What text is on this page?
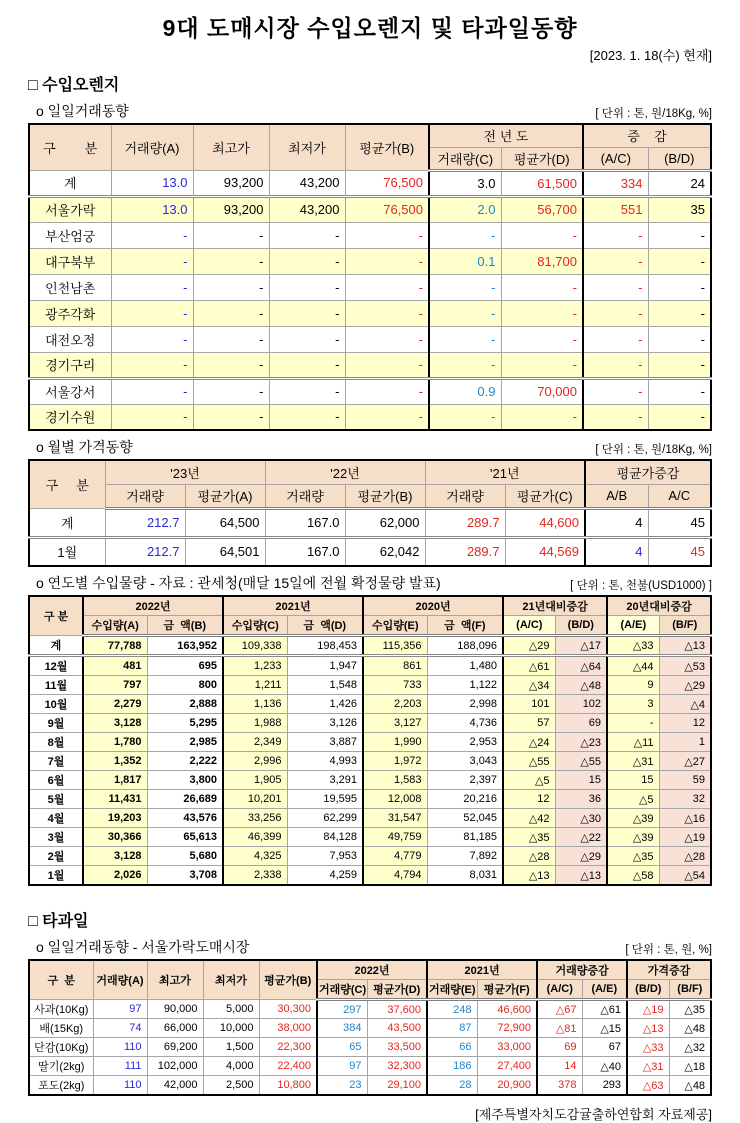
9대 도매시장 수입오렌지 및 타과일동향
[2023. 1. 18(수) 현재]
□ 수입오렌지
o 일일거래동향	[ 단위 : 톤, 원/18Kg, %]
구        분	거래량(A)	최고가	최저가	평균가(B)	전 년 도		증    감	
					거래량(C)	평균가(D)	(A/C)	(B/D)
계	13.0	93,200	43,200	76,500	3.0	61,500	334	24
서울가락	13.0	93,200	43,200	76,500	2.0	56,700	551	35
부산엄궁	-	-	-	-	-	-	-	-
대구북부	-	-	-	-	0.1	81,700	-	-
인천남촌	-	-	-	-	-	-	-	-
광주각화	-	-	-	-	-	-	-	-
대전오정	-	-	-	-	-	-	-	-
경기구리	-	-	-	-	-	-	-	-
서울강서	-	-	-	-	0.9	70,000	-	-
경기수원	-	-	-	-	-	-	-	-
o 월별 가격동향	[ 단위 : 톤, 원/18Kg, %]
구     분	'23년		'22년		'21년		평균가증감	
	거래량	평균가(A)	거래량	평균가(B)	거래량	평균가(C)	A/B	A/C
계	212.7	64,500	167.0	62,000	289.7	44,600	4	45
1월	212.7	64,501	167.0	62,042	289.7	44,569	4	45
o 연도별 수입물량 - 자료 : 관세청(매달 15일에 전월 확정물량 발표)	[ 단위 : 톤, 천불(USD1000) ]
구 분	2022년		2021년		2020년		21년대비증감		20년대비증감	
	수입량(A)	금  액(B)	수입량(C)	금  액(D)	수입량(E)	금  액(F)	(A/C)	(B/D)	(A/E)	(B/F)
계	77,788	163,952	109,338	198,453	115,356	188,096	△29	△17	△33	△13
12월	481	695	1,233	1,947	861	1,480	△61	△64	△44	△53
11월	797	800	1,211	1,548	733	1,122	△34	△48	9	△29
10월	2,279	2,888	1,136	1,426	2,203	2,998	101	102	3	△4
9월	3,128	5,295	1,988	3,126	3,127	4,736	57	69	-	12
8월	1,780	2,985	2,349	3,887	1,990	2,953	△24	△23	△11	1
7월	1,352	2,222	2,996	4,993	1,972	3,043	△55	△55	△31	△27
6월	1,817	3,800	1,905	3,291	1,583	2,397	△5	15	15	59
5월	11,431	26,689	10,201	19,595	12,008	20,216	12	36	△5	32
4월	19,203	43,576	33,256	62,299	31,547	52,045	△42	△30	△39	△16
3월	30,366	65,613	46,399	84,128	49,759	81,185	△35	△22	△39	△19
2월	3,128	5,680	4,325	7,953	4,779	7,892	△28	△29	△35	△28
1월	2,026	3,708	2,338	4,259	4,794	8,031	△13	△13	△58	△54
□ 타과일
o 일일거래동향 - 서울가락도매시장	[ 단위 : 톤, 원, %]
구  분	거래량(A)	최고가	최저가	평균가(B)	2022년		2021년		거래량증감		가격증감	
					거래량(C)	평균가(D)	거래량(E)	평균가(F)	(A/C)	(A/E)	(B/D)	(B/F)
사과(10Kg)	97	90,000	5,000	30,300	297	37,600	248	46,600	△67	△61	△19	△35
배(15Kg)	74	66,000	10,000	38,000	384	43,500	87	72,900	△81	△15	△13	△48
단감(10Kg)	110	69,200	1,500	22,300	65	33,500	66	33,000	69	67	△33	△32
딸기(2kg)	111	102,000	4,000	22,400	97	32,300	186	27,400	14	△40	△31	△18
포도(2kg)	110	42,000	2,500	10,800	23	29,100	28	20,900	378	293	△63	△48
[제주특별자치도감귤출하연합회 자료제공]
